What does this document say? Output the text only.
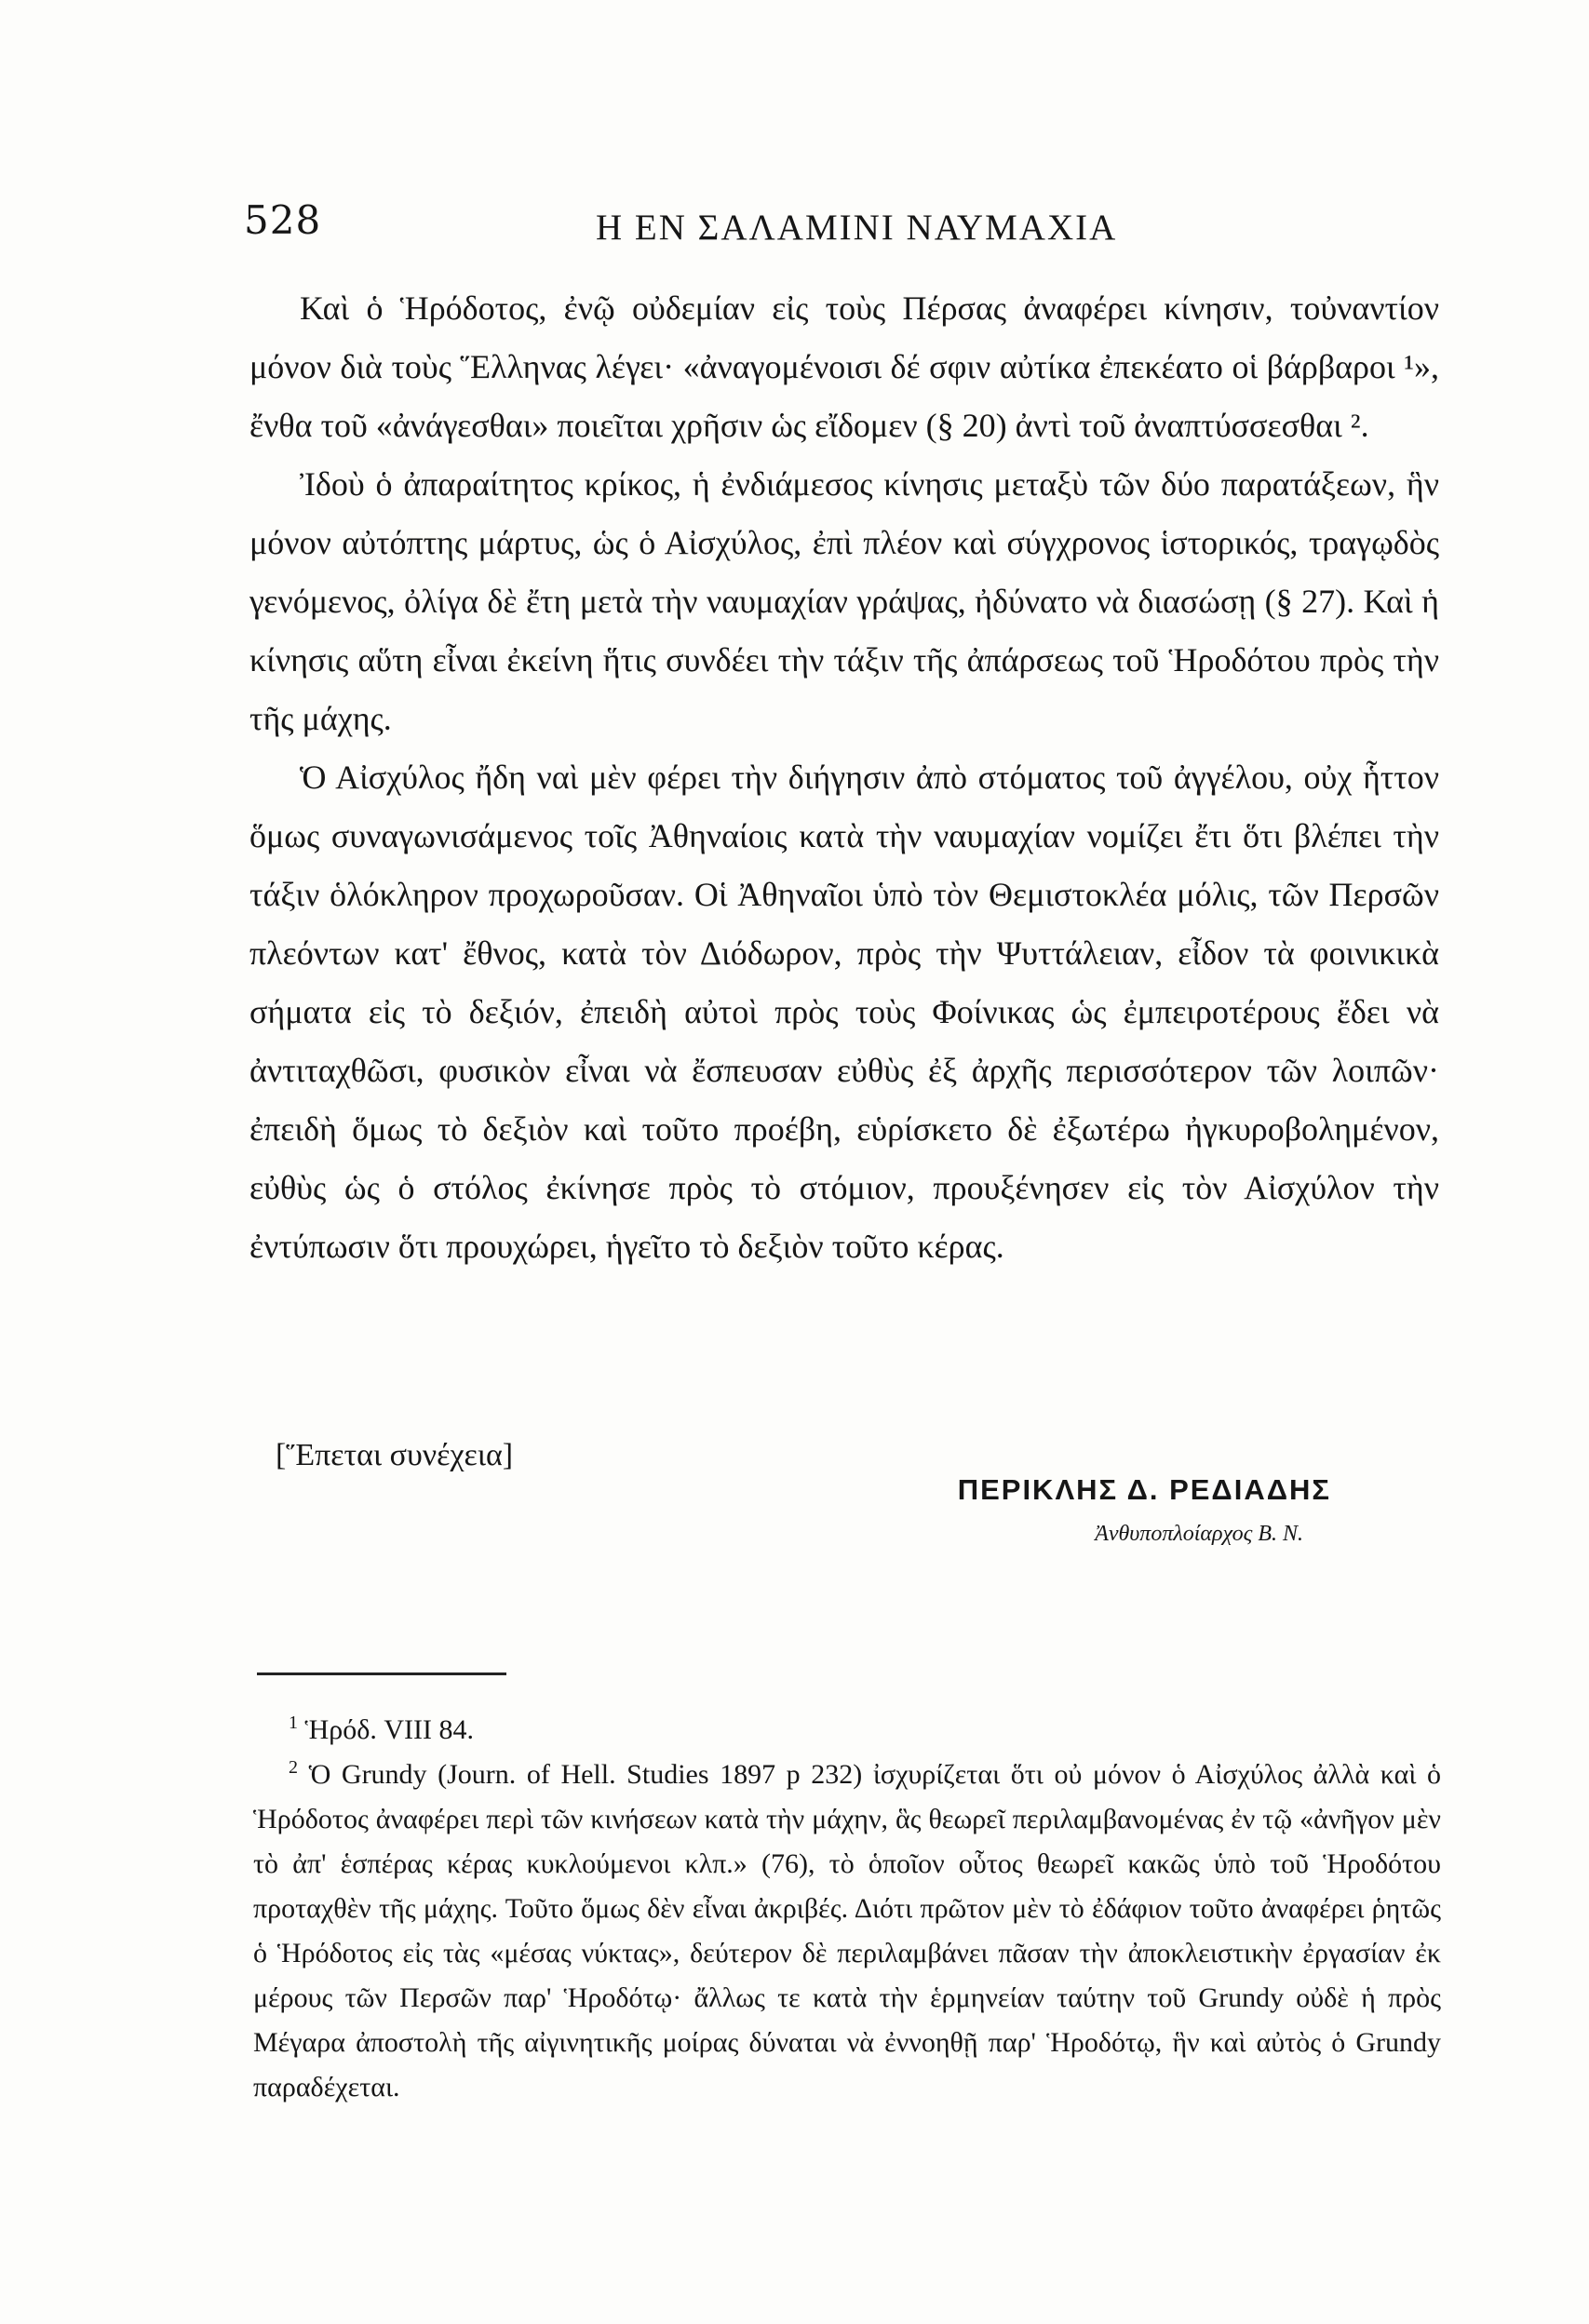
528	Η ΕΝ ΣΑΛΑΜΙΝΙ ΝΑΥΜΑΧΙΑ

Καὶ ὁ Ἡρόδοτος, ἐνῷ οὐδεμίαν εἰς τοὺς Πέρσας ἀναφέρει κίνησιν, τοὐναντίον μόνον διὰ τοὺς Ἕλληνας λέγει· «ἀναγομένοισι δέ σφιν αὐτίκα ἐπεκέατο οἱ βάρβαροι ¹», ἔνθα τοῦ «ἀνάγεσθαι» ποιεῖται χρῆσιν ὡς εἴδομεν (§ 20) ἀντὶ τοῦ ἀναπτύσσεσθαι ².

Ἰδοὺ ὁ ἀπαραίτητος κρίκος, ἡ ἐνδιάμεσος κίνησις μεταξὺ τῶν δύο παρατάξεων, ἣν μόνον αὐτόπτης μάρτυς, ὡς ὁ Αἰσχύλος, ἐπὶ πλέον καὶ σύγχρονος ἱστορικός, τραγῳδὸς γενόμενος, ὀλίγα δὲ ἔτη μετὰ τὴν ναυμαχίαν γράψας, ἠδύνατο νὰ διασώσῃ (§ 27). Καὶ ἡ κίνησις αὕτη εἶναι ἐκείνη ἥτις συνδέει τὴν τάξιν τῆς ἀπάρσεως τοῦ Ἡροδότου πρὸς τὴν τῆς μάχης.

Ὁ Αἰσχύλος ἤδη ναὶ μὲν φέρει τὴν διήγησιν ἀπὸ στόματος τοῦ ἀγγέλου, οὐχ ἧττον ὅμως συναγωνισάμενος τοῖς Ἀθηναίοις κατὰ τὴν ναυμαχίαν νομίζει ἔτι ὅτι βλέπει τὴν τάξιν ὁλόκληρον προχωροῦσαν. Οἱ Ἀθηναῖοι ὑπὸ τὸν Θεμιστοκλέα μόλις, τῶν Περσῶν πλεόντων κατ' ἔθνος, κατὰ τὸν Διόδωρον, πρὸς τὴν Ψυττάλειαν, εἶδον τὰ φοινικικὰ σήματα εἰς τὸ δεξιόν, ἐπειδὴ αὐτοὶ πρὸς τοὺς Φοίνικας ὡς ἐμπειροτέρους ἔδει νὰ ἀντιταχθῶσι, φυσικὸν εἶναι νὰ ἔσπευσαν εὐθὺς ἐξ ἀρχῆς περισσότερον τῶν λοιπῶν· ἐπειδὴ ὅμως τὸ δεξιὸν καὶ τοῦτο προέβη, εὑρίσκετο δὲ ἐξωτέρω ἠγκυροβολημένον, εὐθὺς ὡς ὁ στόλος ἐκίνησε πρὸς τὸ στόμιον, προυξένησεν εἰς τὸν Αἰσχύλον τὴν ἐντύπωσιν ὅτι προυχώρει, ἡγεῖτο τὸ δεξιὸν τοῦτο κέρας.

[Ἕπεται συνέχεια]
ΠΕΡΙΚΛΗΣ Δ. ΡΕΔΙΑΔΗΣ
Ἀνθυποπλοίαρχος Β. Ν.

$^1$ Ἡρόδ. VIII 84.

$^2$ Ὁ Grundy (Journ. of Hell. Studies 1897 p 232) ἰσχυρίζεται ὅτι οὐ μόνον ὁ Αἰσχύλος ἀλλὰ καὶ ὁ Ἡρόδοτος ἀναφέρει περὶ τῶν κινήσεων κατὰ τὴν μάχην, ἃς θεωρεῖ περιλαμβανομένας ἐν τῷ «ἀνῆγον μὲν τὸ ἀπ' ἑσπέρας κέρας κυκλούμενοι κλπ.» (76), τὸ ὁποῖον οὗτος θεωρεῖ κακῶς ὑπὸ τοῦ Ἡροδότου προταχθὲν τῆς μάχης. Τοῦτο ὅμως δὲν εἶναι ἀκριβές. Διότι πρῶτον μὲν τὸ ἐδάφιον τοῦτο ἀναφέρει ῥητῶς ὁ Ἡρόδοτος εἰς τὰς «μέσας νύκτας», δεύτερον δὲ περιλαμβάνει πᾶσαν τὴν ἀποκλειστικὴν ἐργασίαν ἐκ μέρους τῶν Περσῶν παρ' Ἡροδότῳ· ἄλλως τε κατὰ τὴν ἑρμηνείαν ταύτην τοῦ Grundy οὐδὲ ἡ πρὸς Μέγαρα ἀποστολὴ τῆς αἰγινητικῆς μοίρας δύναται νὰ ἐννοηθῇ παρ' Ἡροδότῳ, ἣν καὶ αὐτὸς ὁ Grundy παραδέχεται.
